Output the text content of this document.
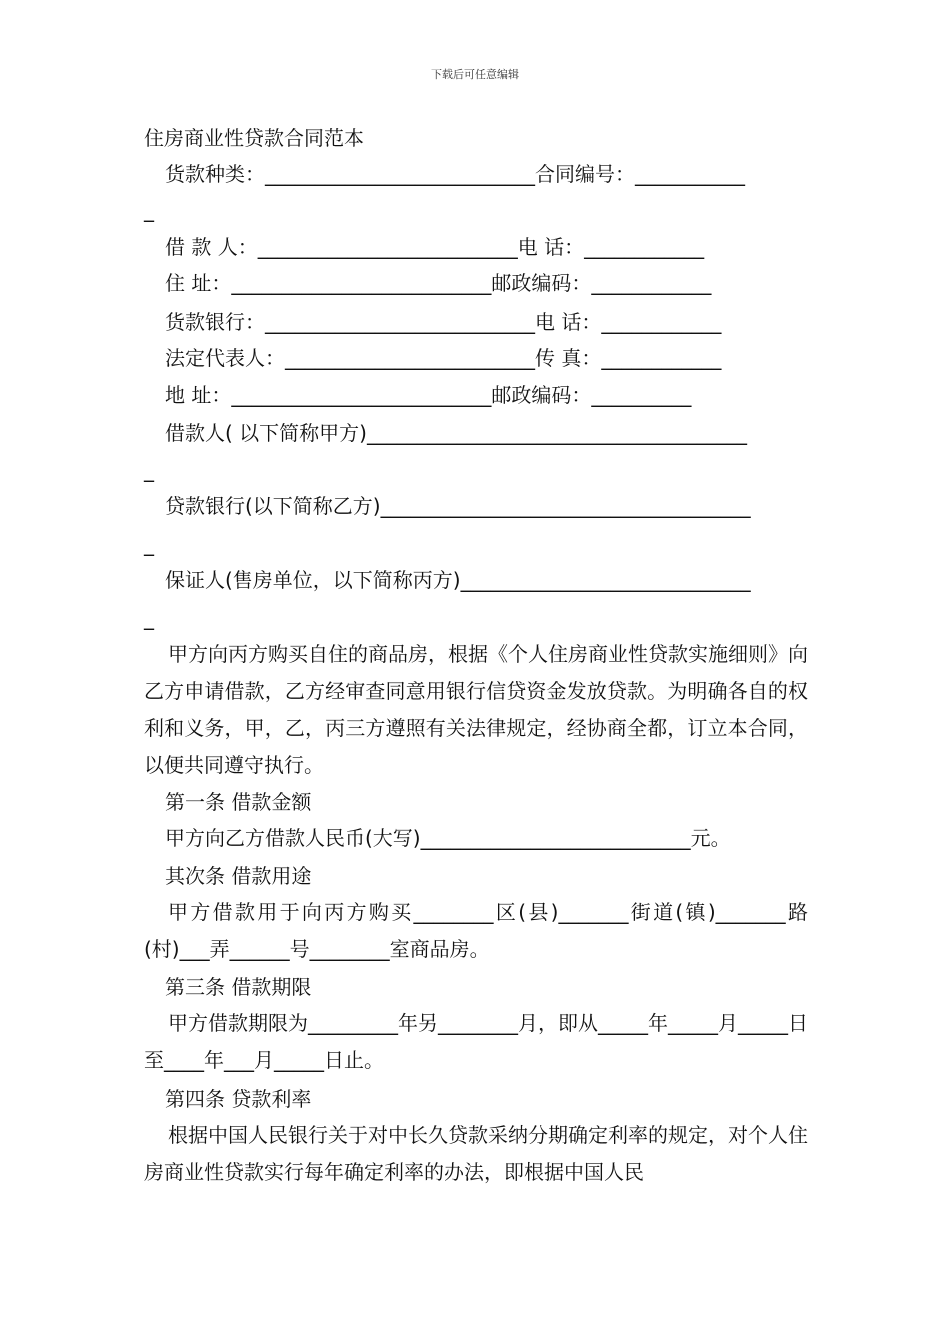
下载后可任意编辑
住房商业性贷款合同范本
货款种类：___________________________合同编号：___________
_
借 款 人：__________________________电 话：____________
住 址：__________________________邮政编码：____________
货款银行：___________________________电 话：____________
法定代表人：_________________________传 真：____________
地 址：__________________________邮政编码：__________
借款人( 以下简称甲方)______________________________________
_
贷款银行(以下简称乙方)_____________________________________
_
保证人(售房单位，以下简称丙方)_____________________________
_
甲方向丙方购买自住的商品房，根据《个人住房商业性贷款实施细则》向乙方申请借款，乙方经审查同意用银行信贷资金发放贷款。为明确各自的权利和义务，甲，乙，丙三方遵照有关法律规定，经协商全都，订立本合同，以便共同遵守执行。
第一条 借款金额
甲方向乙方借款人民币(大写)___________________________元。
其次条 借款用途
甲方借款用于向丙方购买________区(县)_______街道(镇)_______路(村)___弄______号________室商品房。
第三条 借款期限
甲方借款期限为_________年另________月，即从_____年_____月_____日至____年___月_____日止。
第四条 贷款利率
根据中国人民银行关于对中长久贷款采纳分期确定利率的规定，对个人住房商业性贷款实行每年确定利率的办法，即根据中国人民
